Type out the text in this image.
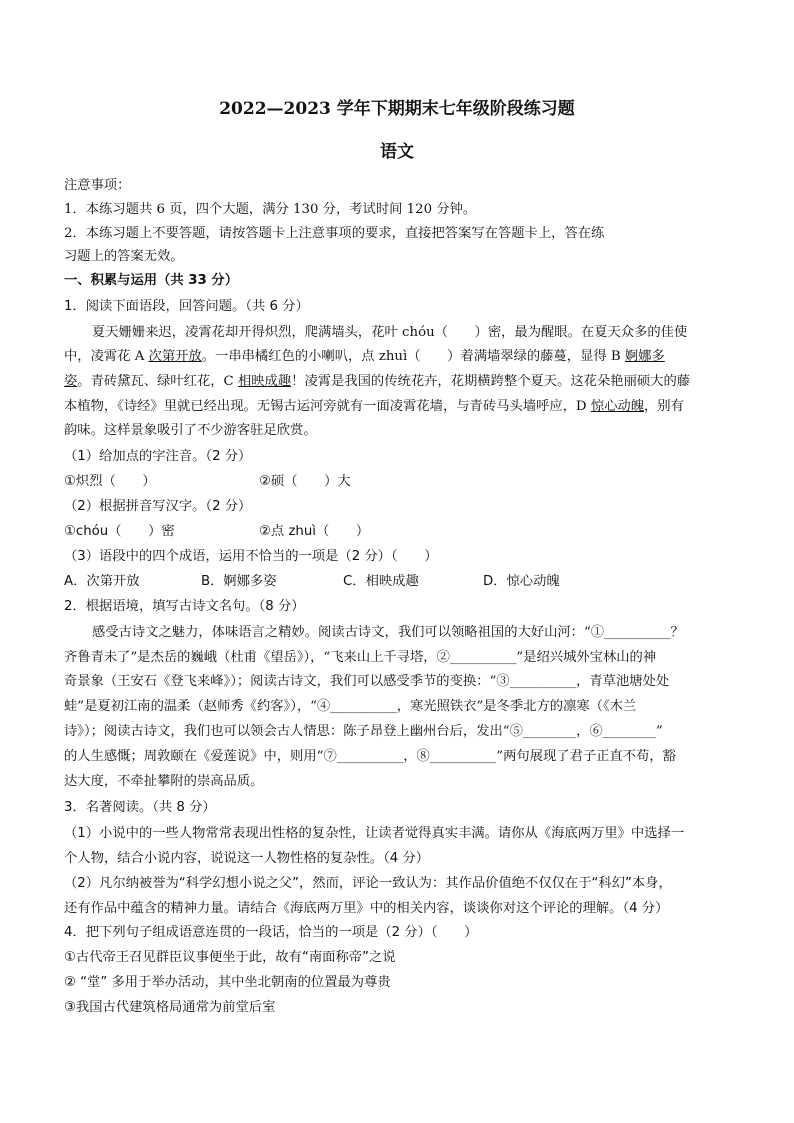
2022—2023 学年下期期末七年级阶段练习题
语文
注意事项：
1．本练习题共 6 页，四个大题，满分 130 分，考试时间 120 分钟。
2．本练习题上不要答题，请按答题卡上注意事项的要求，直接把答案写在答题卡上，答在练
习题上的答案无效。
一、积累与运用（共 33 分）
1．阅读下面语段，回答问题。（共 6 分）
夏天姗姗来迟，凌霄花却开得炽烈，爬满墙头，花叶 chóu（　　）密，最为醒眼。在夏天众多的佳使
中，凌霄花 A 次第开放。一串串橘红色的小喇叭，点 zhuì（　　）着满墙翠绿的藤蔓，显得 B 婀娜多
姿。青砖黛瓦、绿叶红花，C 相映成趣！凌霄是我国的传统花卉，花期横跨整个夏天。这花朵艳丽硕大的藤
本植物，《诗经》里就已经出现。无锡古运河旁就有一面凌霄花墙，与青砖马头墙呼应，D 惊心动魄，别有
韵味。这样景象吸引了不少游客驻足欣赏。
（1）给加点的字注音。（2 分）
①炽烈（　　）	②硕（　　）大
（2）根据拼音写汉字。（2 分）
①chóu（　　）密	②点 zhuì（　　）
（3）语段中的四个成语，运用不恰当的一项是（2 分）（　　）
A．次第开放	B．婀娜多姿	C．相映成趣	D．惊心动魄
2．根据语境，填写古诗文名句。（8 分）
感受古诗文之魅力，体味语言之精妙。阅读古诗文，我们可以领略祖国的大好山河：“①__________？
齐鲁青未了”是杰岳的巍峨（杜甫《望岳》），“飞来山上千寻塔，②__________”是绍兴城外宝林山的神
奇景象（王安石《登飞来峰》）；阅读古诗文，我们可以感受季节的变换：“③__________，青草池塘处处
蛙”是夏初江南的温柔（赵师秀《约客》），“④__________，寒光照铁衣”是冬季北方的凛寒（《木兰
诗》）；阅读古诗文，我们也可以领会古人情思：陈子昂登上幽州台后，发出“⑤________，⑥________”
的人生感慨；周敦颐在《爱莲说》中，则用“⑦__________，⑧__________”两句展现了君子正直不苟，豁
达大度，不牵扯攀附的崇高品质。
3．名著阅读。（共 8 分）
（1）小说中的一些人物常常表现出性格的复杂性，让读者觉得真实丰满。请你从《海底两万里》中选择一
个人物，结合小说内容，说说这一人物性格的复杂性。（4 分）
（2）凡尔纳被誉为“科学幻想小说之父”，然而，评论一致认为：其作品价值绝不仅仅在于“科幻”本身，
还有作品中蕴含的精神力量。请结合《海底两万里》中的相关内容，谈谈你对这个评论的理解。（4 分）
4．把下列句子组成语意连贯的一段话，恰当的一项是（2 分）（　　）
①古代帝王召见群臣议事便坐于此，故有“南面称帝”之说
② “堂” 多用于举办活动，其中坐北朝南的位置最为尊贵
③我国古代建筑格局通常为前堂后室
